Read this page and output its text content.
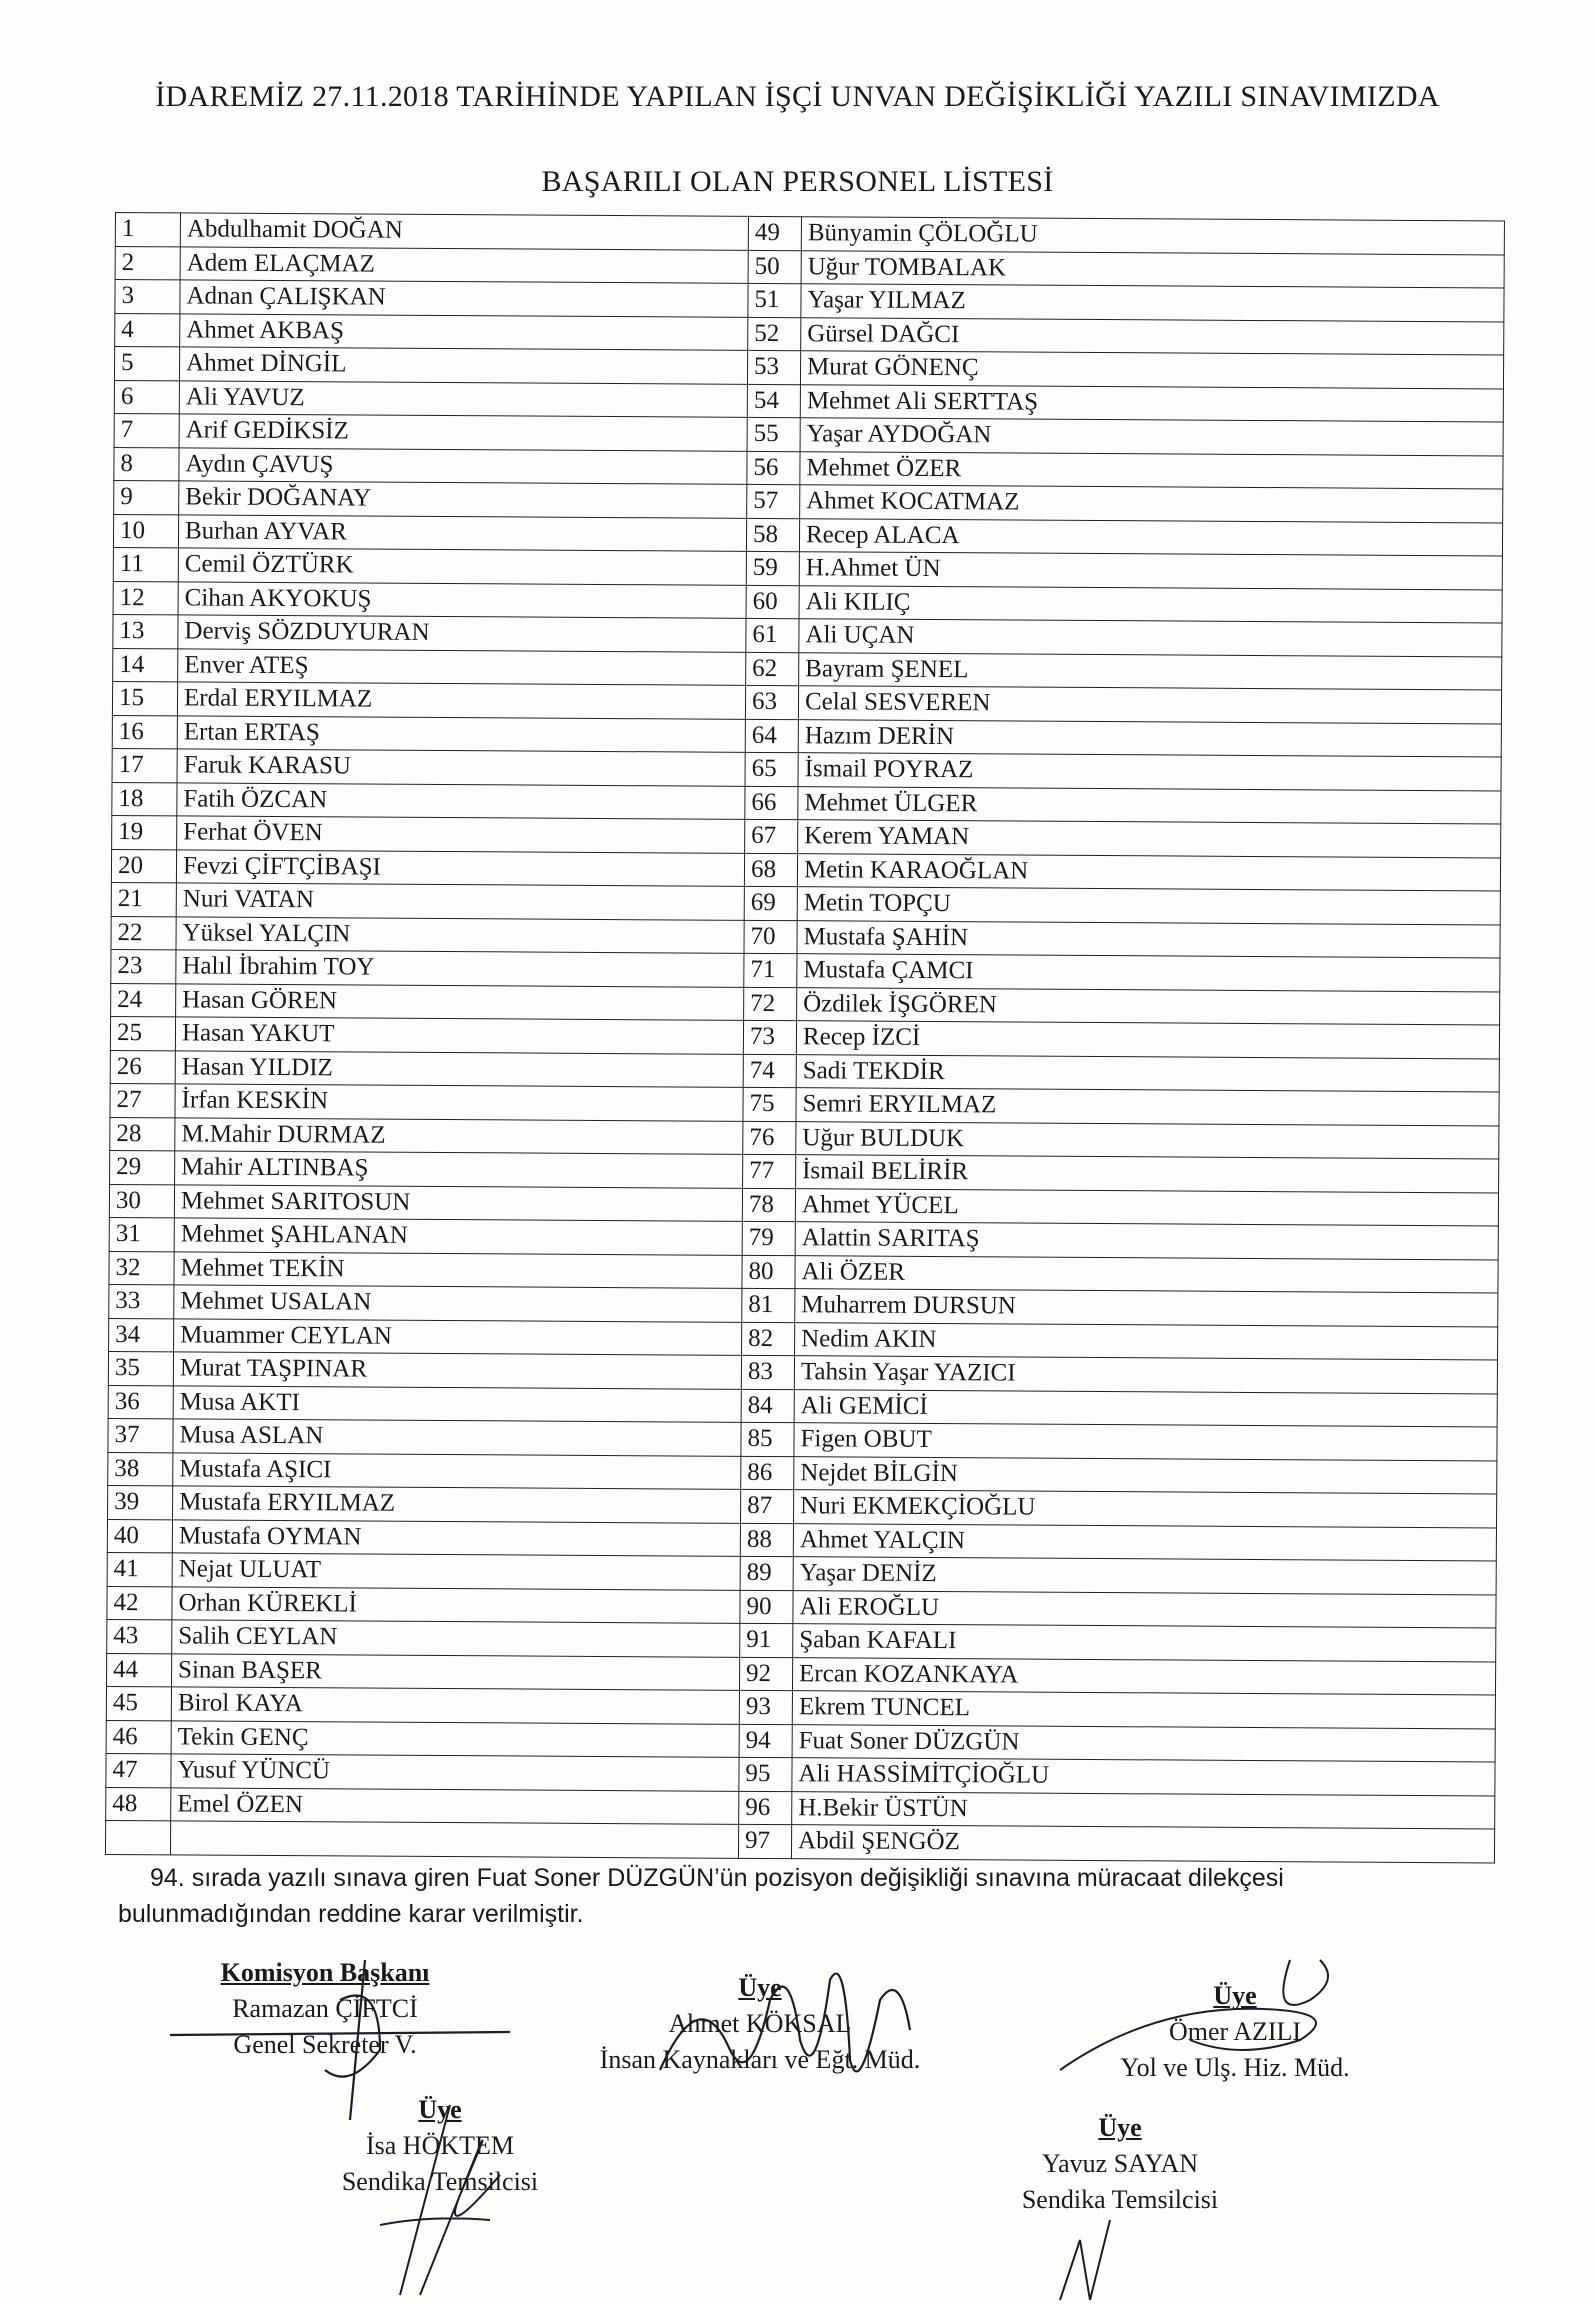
İDAREMİZ 27.11.2018 TARİHİNDE YAPILAN İŞÇİ UNVAN DEĞİŞİKLİĞİ YAZILI SINAVIMIZDA
BAŞARILI OLAN PERSONEL LİSTESİ
1	Abdulhamit DOĞAN	49	Bünyamin ÇÖLOĞLU
2	Adem ELAÇMAZ	50	Uğur TOMBALAK
3	Adnan ÇALIŞKAN	51	Yaşar YILMAZ
4	Ahmet AKBAŞ	52	Gürsel DAĞCI
5	Ahmet DİNGİL	53	Murat GÖNENÇ
6	Ali YAVUZ	54	Mehmet Ali SERTTAŞ
7	Arif GEDİKSİZ	55	Yaşar AYDOĞAN
8	Aydın ÇAVUŞ	56	Mehmet ÖZER
9	Bekir DOĞANAY	57	Ahmet KOCATMAZ
10	Burhan AYVAR	58	Recep ALACA
11	Cemil ÖZTÜRK	59	H.Ahmet ÜN
12	Cihan AKYOKUŞ	60	Ali KILIÇ
13	Derviş SÖZDUYURAN	61	Ali UÇAN
14	Enver ATEŞ	62	Bayram ŞENEL
15	Erdal ERYILMAZ	63	Celal SESVEREN
16	Ertan ERTAŞ	64	Hazım DERİN
17	Faruk KARASU	65	İsmail POYRAZ
18	Fatih ÖZCAN	66	Mehmet ÜLGER
19	Ferhat ÖVEN	67	Kerem YAMAN
20	Fevzi ÇİFTÇİBAŞI	68	Metin KARAOĞLAN
21	Nuri VATAN	69	Metin TOPÇU
22	Yüksel YALÇIN	70	Mustafa ŞAHİN
23	Halıl İbrahim TOY	71	Mustafa ÇAMCI
24	Hasan GÖREN	72	Özdilek İŞGÖREN
25	Hasan YAKUT	73	Recep İZCİ
26	Hasan YILDIZ	74	Sadi TEKDİR
27	İrfan KESKİN	75	Semri ERYILMAZ
28	M.Mahir DURMAZ	76	Uğur BULDUK
29	Mahir ALTINBAŞ	77	İsmail BELİRİR
30	Mehmet SARITOSUN	78	Ahmet YÜCEL
31	Mehmet ŞAHLANAN	79	Alattin SARITAŞ
32	Mehmet TEKİN	80	Ali ÖZER
33	Mehmet USALAN	81	Muharrem DURSUN
34	Muammer CEYLAN	82	Nedim AKIN
35	Murat TAŞPINAR	83	Tahsin Yaşar YAZICI
36	Musa AKTI	84	Ali GEMİCİ
37	Musa ASLAN	85	Figen OBUT
38	Mustafa AŞICI	86	Nejdet BİLGİN
39	Mustafa ERYILMAZ	87	Nuri EKMEKÇİOĞLU
40	Mustafa OYMAN	88	Ahmet YALÇIN
41	Nejat ULUAT	89	Yaşar DENİZ
42	Orhan KÜREKLİ	90	Ali EROĞLU
43	Salih CEYLAN	91	Şaban KAFALI
44	Sinan BAŞER	92	Ercan KOZANKAYA
45	Birol KAYA	93	Ekrem TUNCEL
46	Tekin GENÇ	94	Fuat Soner DÜZGÜN
47	Yusuf YÜNCÜ	95	Ali HASSİMİTÇİOĞLU
48	Emel ÖZEN	96	H.Bekir ÜSTÜN
		97	Abdil ŞENGÖZ
94. sırada yazılı sınava giren Fuat Soner DÜZGÜN’ün pozisyon değişikliği sınavına müracaat dilekçesi
bulunmadığından reddine karar verilmiştir.
Komisyon Başkanı
Ramazan ÇİFTCİ
Genel Sekreter V.
Üye
Ahmet KÖKSAL
İnsan Kaynakları ve Eğt. Müd.
Üye
Ömer AZILI
Yol ve Ulş. Hiz. Müd.
Üye
İsa HÖKTEM
Sendika Temsilcisi
Üye
Yavuz SAYAN
Sendika Temsilcisi
